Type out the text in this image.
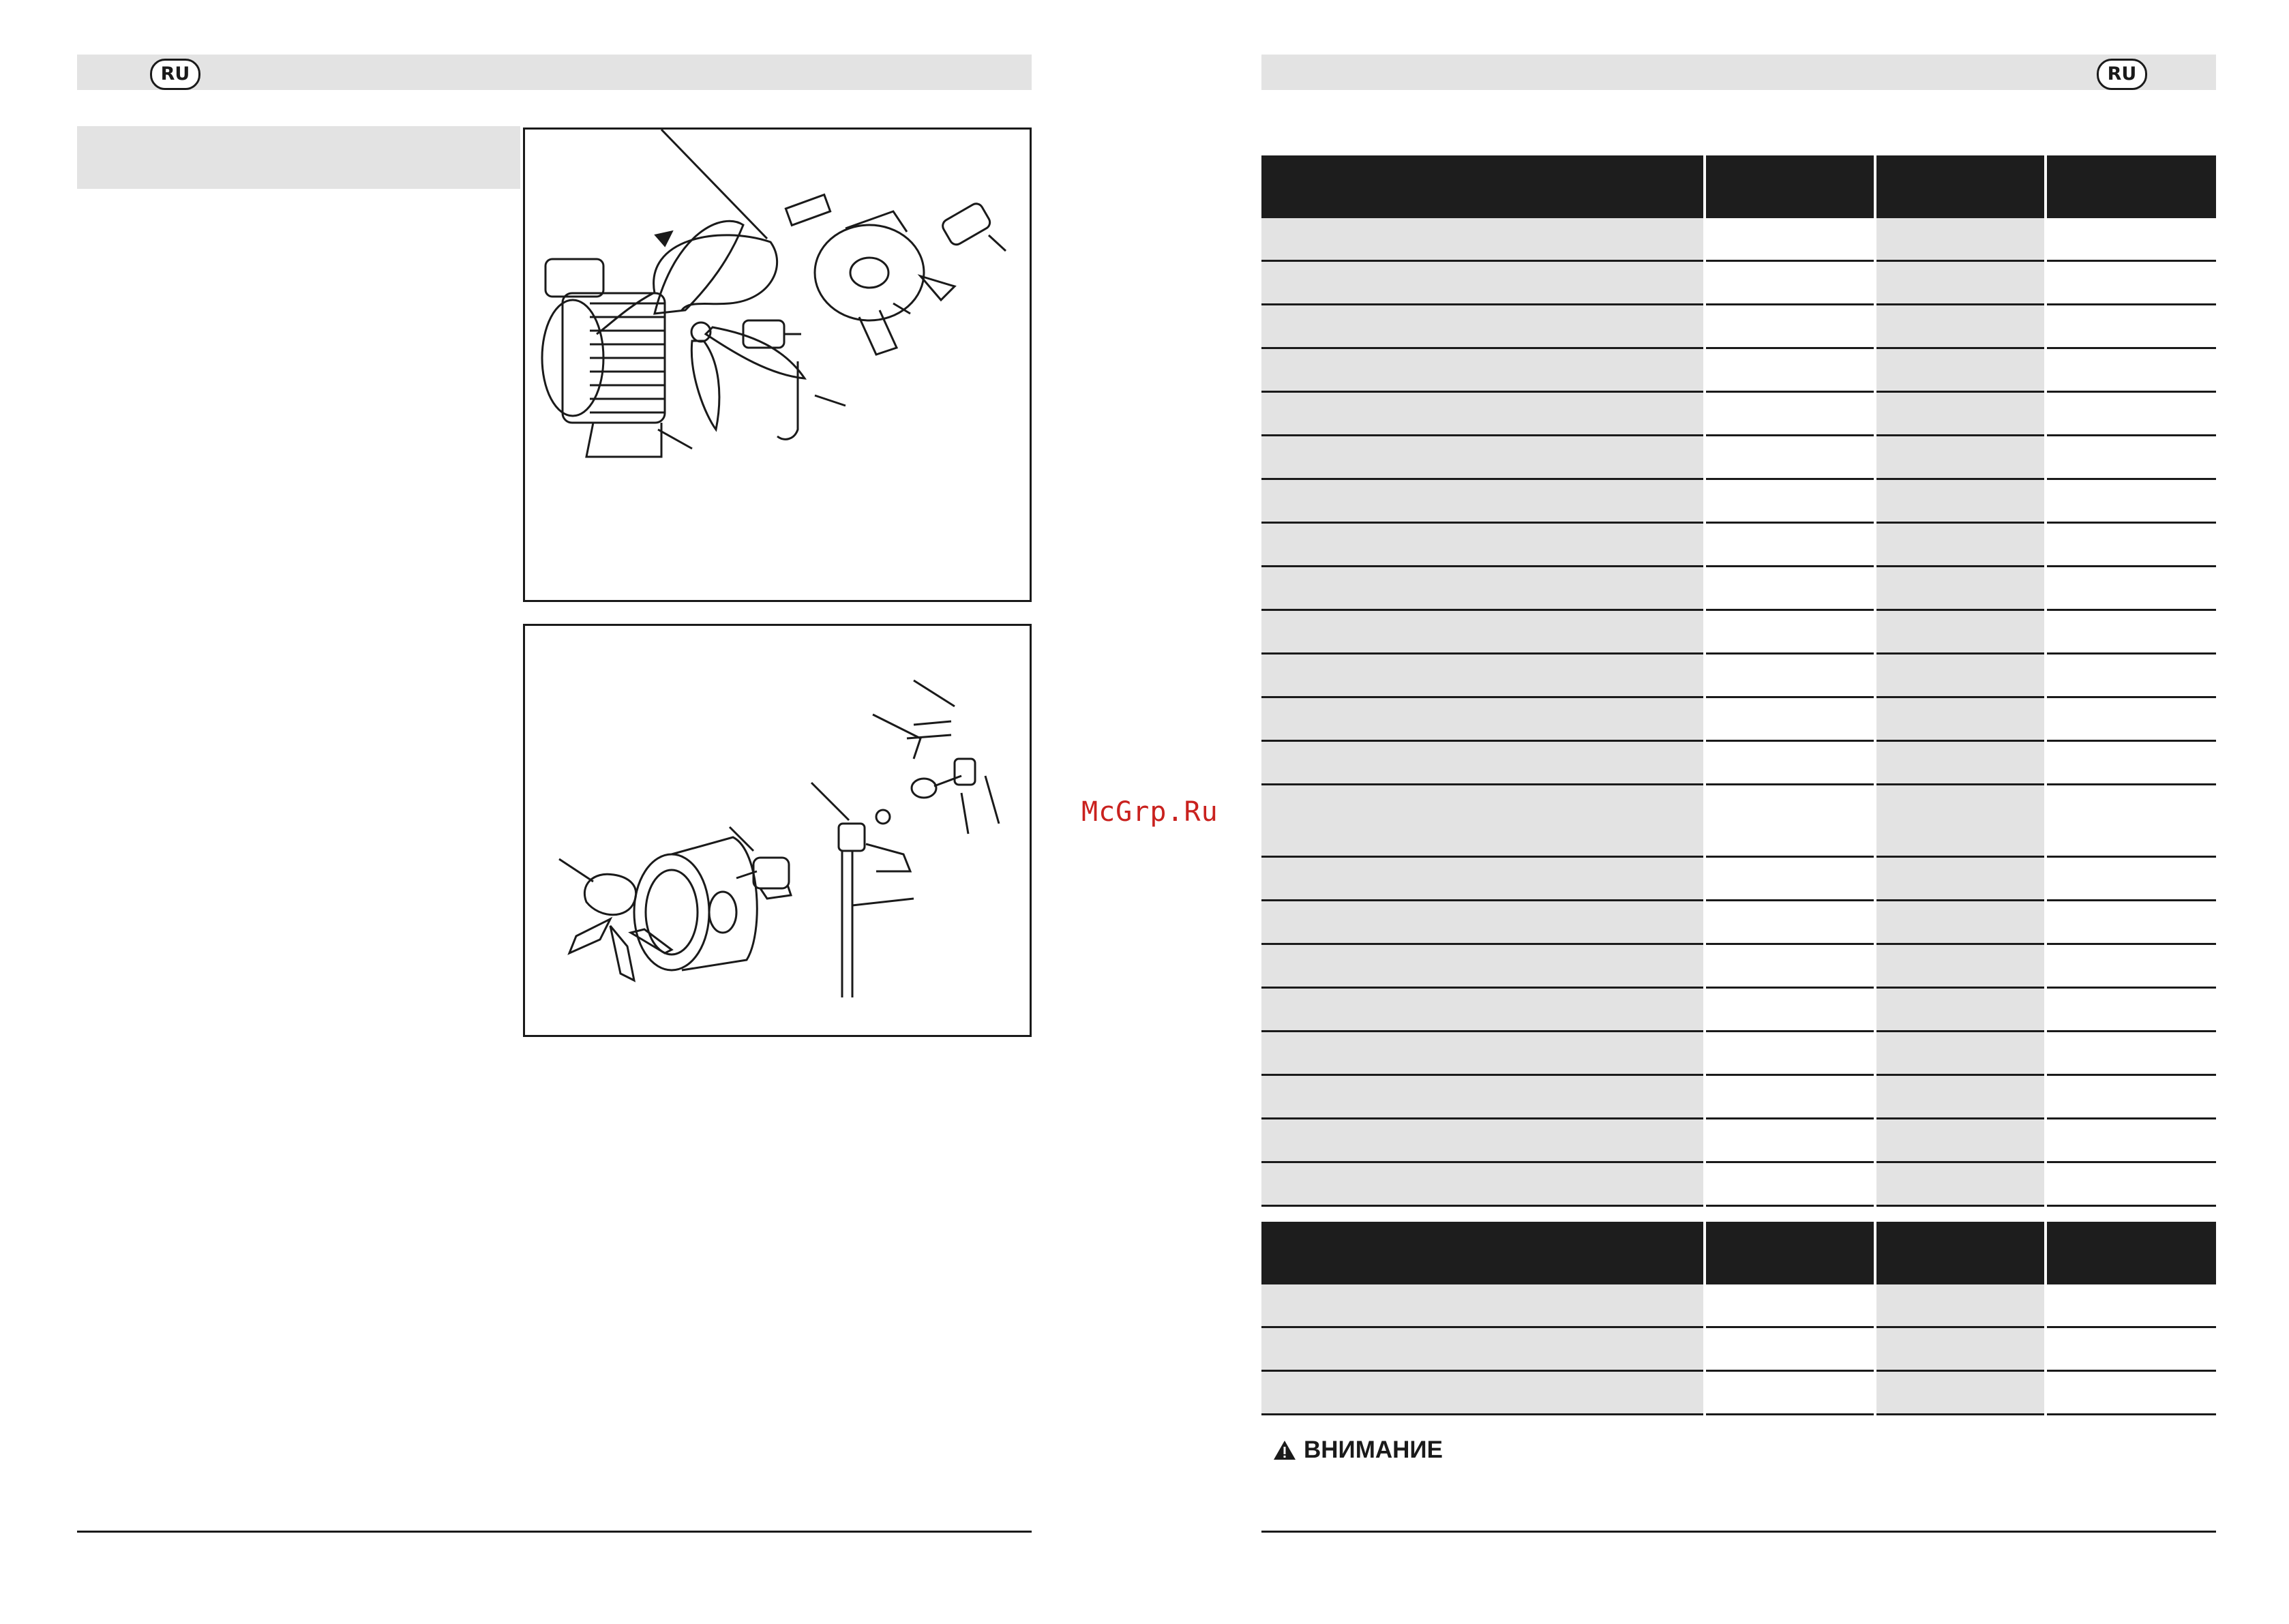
RU
McGrp.Ru
RU

ВНИМАНИЕ
